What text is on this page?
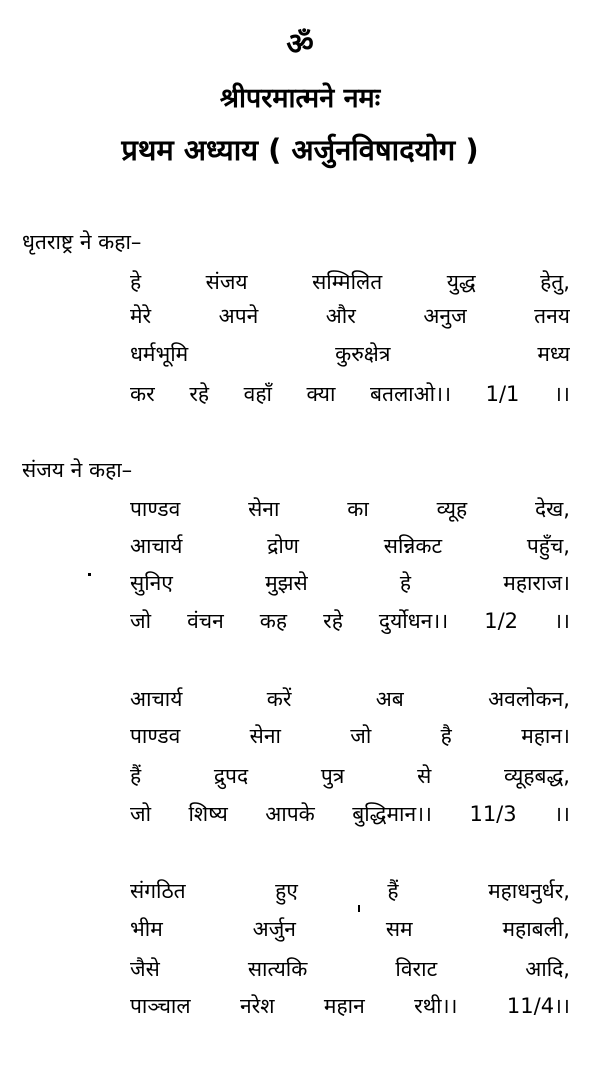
ॐ
श्रीपरमात्मने नमः
प्रथम अध्याय ( अर्जुनविषादयोग )
धृतराष्ट्र ने कहा–
हे	संजय	सम्मिलित	युद्ध	हेतु,
मेरे	अपने	और	अनुज	तनय
धर्मभूमि	कुरुक्षेत्र	मध्य
कर रहे वहाँ क्या बतलाओ।। 1/1 ।।
संजय ने कहा–
पाण्डव	सेना	का	व्यूह	देख,
आचार्य	द्रोण	सन्निकट	पहुँच,
सुनिए	मुझसे	हे	महाराज।
जो वंचन कह रहे दुर्योधन।। 1/2 ।।
आचार्य	करें	अब	अवलोकन,
पाण्डव	सेना	जो	है	महान।
हैं	द्रुपद	पुत्र	से	व्यूहबद्ध,
जो शिष्य आपके बुद्धिमान।। 11/3 ।।
संगठित	हुए	हैं	महाधनुर्धर,
भीम	अर्जुन	सम	महाबली,
जैसे	सात्यकि	विराट	आदि,
पाञ्चाल नरेश महान रथी।। 11/4।।
